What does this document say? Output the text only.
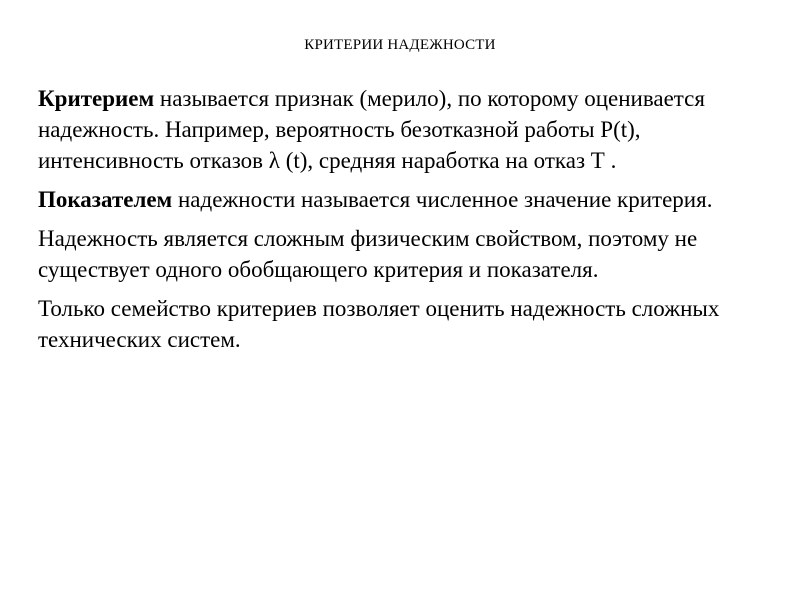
КРИТЕРИИ НАДЕЖНОСТИ

Критерием называется признак (мерило), по которому оценивается надежность. Например, вероятность безотказной работы P(t), интенсивность отказов λ (t), средняя наработка на отказ Т .

Показателем надежности называется численное значение критерия.

Надежность является сложным физическим свойством, поэтому не существует одного обобщающего критерия и показателя.

Только семейство критериев позволяет оценить надежность сложных технических систем.
